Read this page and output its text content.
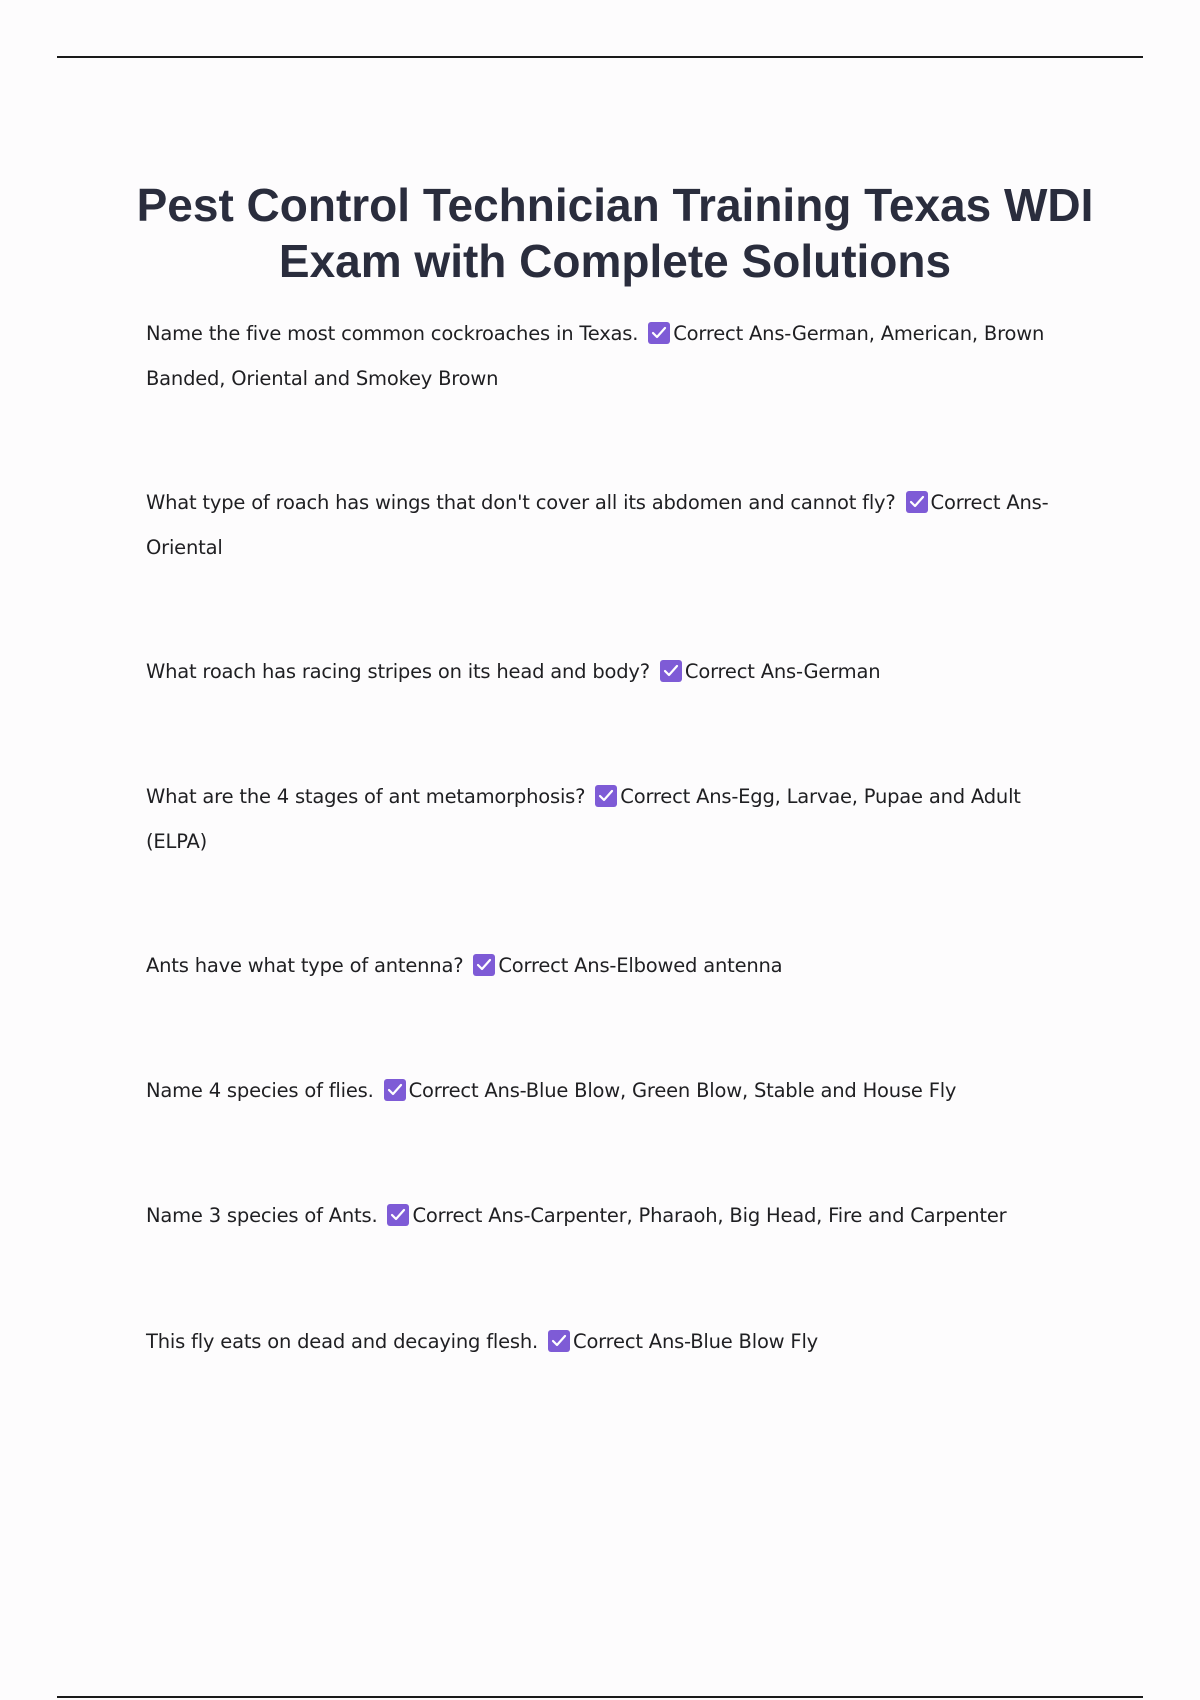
Pest Control Technician Training Texas WDI Exam with Complete Solutions
Name the five most common cockroaches in Texas. Correct Ans-German, American, Brown Banded, Oriental and Smokey Brown
What type of roach has wings that don't cover all its abdomen and cannot fly? Correct Ans-Oriental
What roach has racing stripes on its head and body? Correct Ans-German
What are the 4 stages of ant metamorphosis? Correct Ans-Egg, Larvae, Pupae and Adult (ELPA)
Ants have what type of antenna? Correct Ans-Elbowed antenna
Name 4 species of flies. Correct Ans-Blue Blow, Green Blow, Stable and House Fly
Name 3 species of Ants. Correct Ans-Carpenter, Pharaoh, Big Head, Fire and Carpenter
This fly eats on dead and decaying flesh. Correct Ans-Blue Blow Fly
